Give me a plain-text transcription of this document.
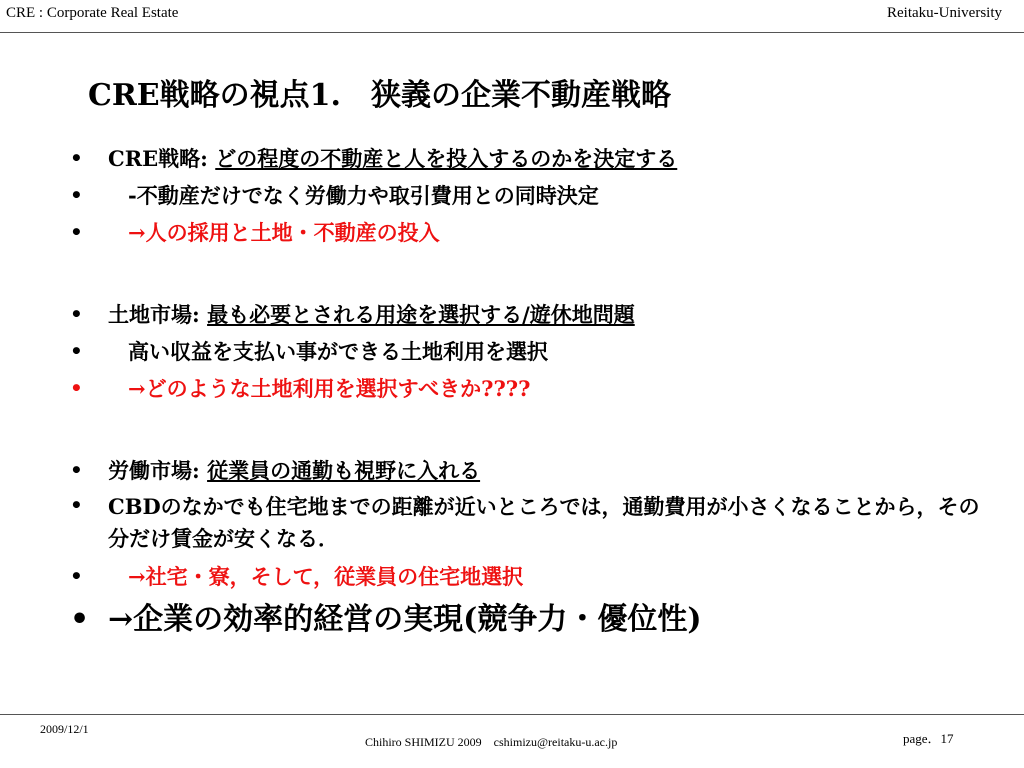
CRE : Corporate Real Estate	Reitaku-University
CRE戦略の視点1.　狭義の企業不動産戦略
•	CRE戦略: どの程度の不動産と人を投入するのかを決定する
•	-不動産だけでなく労働力や取引費用との同時決定
•	→人の採用と土地・不動産の投入
•	土地市場: 最も必要とされる用途を選択する/遊休地問題
•	高い収益を支払い事ができる土地利用を選択
•	→どのような土地利用を選択すべきか????
•	労働市場: 従業員の通勤も視野に入れる
•	CBDのなかでも住宅地までの距離が近いところでは，通勤費用が小さくなることから，その分だけ賃金が安くなる．
•	→社宅・寮，そして，従業員の住宅地選択
• →企業の効率的経営の実現(競争力・優位性)
2009/12/1
Chihiro SHIMIZU 2009　cshimizu@reitaku-u.ac.jp	page．17
